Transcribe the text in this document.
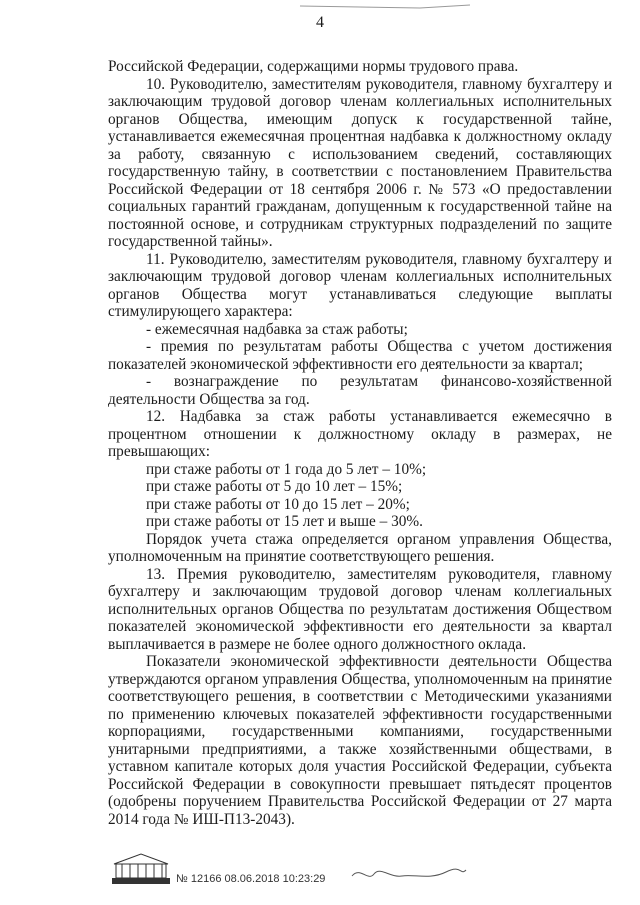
4

Российской Федерации, содержащими нормы трудового права.

10. Руководителю, заместителям руководителя, главному бухгалтеру и заключающим трудовой договор членам коллегиальных исполнительных органов Общества, имеющим допуск к государственной тайне, устанавливается ежемесячная процентная надбавка к должностному окладу за работу, связанную с использованием сведений, составляющих государственную тайну, в соответствии с постановлением Правительства Российской Федерации от 18 сентября 2006 г. № 573 «О предоставлении социальных гарантий гражданам, допущенным к государственной тайне на постоянной основе, и сотрудникам структурных подразделений по защите государственной тайны».

11. Руководителю, заместителям руководителя, главному бухгалтеру и заключающим трудовой договор членам коллегиальных исполнительных органов Общества могут устанавливаться следующие выплаты стимулирующего характера:

- ежемесячная надбавка за стаж работы;

- премия по результатам работы Общества с учетом достижения показателей экономической эффективности его деятельности за квартал;

- вознаграждение по результатам финансово-хозяйственной деятельности Общества за год.

12. Надбавка за стаж работы устанавливается ежемесячно в процентном отношении к должностному окладу в размерах, не превышающих:

при стаже работы от 1 года до 5 лет – 10%;

при стаже работы от 5 до 10 лет – 15%;

при стаже работы от 10 до 15 лет – 20%;

при стаже работы от 15 лет и выше – 30%.

Порядок учета стажа определяется органом управления Общества, уполномоченным на принятие соответствующего решения.

13. Премия руководителю, заместителям руководителя, главному бухгалтеру и заключающим трудовой договор членам коллегиальных исполнительных органов Общества по результатам достижения Обществом показателей экономической эффективности его деятельности за квартал выплачивается в размере не более одного должностного оклада.

Показатели экономической эффективности деятельности Общества утверждаются органом управления Общества, уполномоченным на принятие соответствующего решения, в соответствии с Методическими указаниями по применению ключевых показателей эффективности государственными корпорациями, государственными компаниями, государственными унитарными предприятиями, а также хозяйственными обществами, в уставном капитале которых доля участия Российской Федерации, субъекта Российской Федерации в совокупности превышает пятьдесят процентов (одобрены поручением Правительства Российской Федерации от 27 марта 2014 года № ИШ-П13-2043).

№ 12166 08.06.2018 10:23:29
